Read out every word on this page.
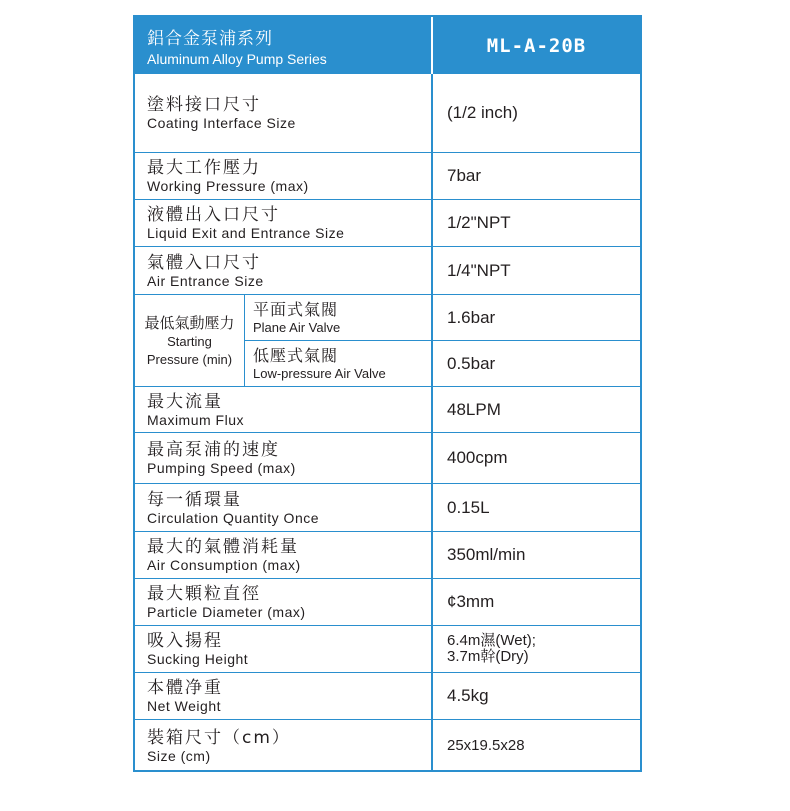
鋁合金泵浦系列
Aluminum Alloy Pump Series
ML-A-20B
塗料接口尺寸
Coating Interface Size
(1/2 inch)
最大工作壓力
Working Pressure (max)
7bar
液體出入口尺寸
Liquid Exit and Entrance Size
1/2"NPT
氣體入口尺寸
Air Entrance Size
1/4"NPT
最低氣動壓力
Starting
Pressure (min)
平面式氣閥
Plane Air Valve
1.6bar
低壓式氣閥
Low-pressure Air Valve
0.5bar
最大流量
Maximum Flux
48LPM
最高泵浦的速度
Pumping Speed (max)
400cpm
每一循環量
Circulation Quantity Once
0.15L
最大的氣體消耗量
Air Consumption (max)
350ml/min
最大顆粒直徑
Particle Diameter (max)
¢3mm
吸入揚程
Sucking Height
6.4m濕(Wet);
3.7m幹(Dry)
本體净重
Net Weight
4.5kg
裝箱尺寸（cm）
Size (cm)
25x19.5x28
